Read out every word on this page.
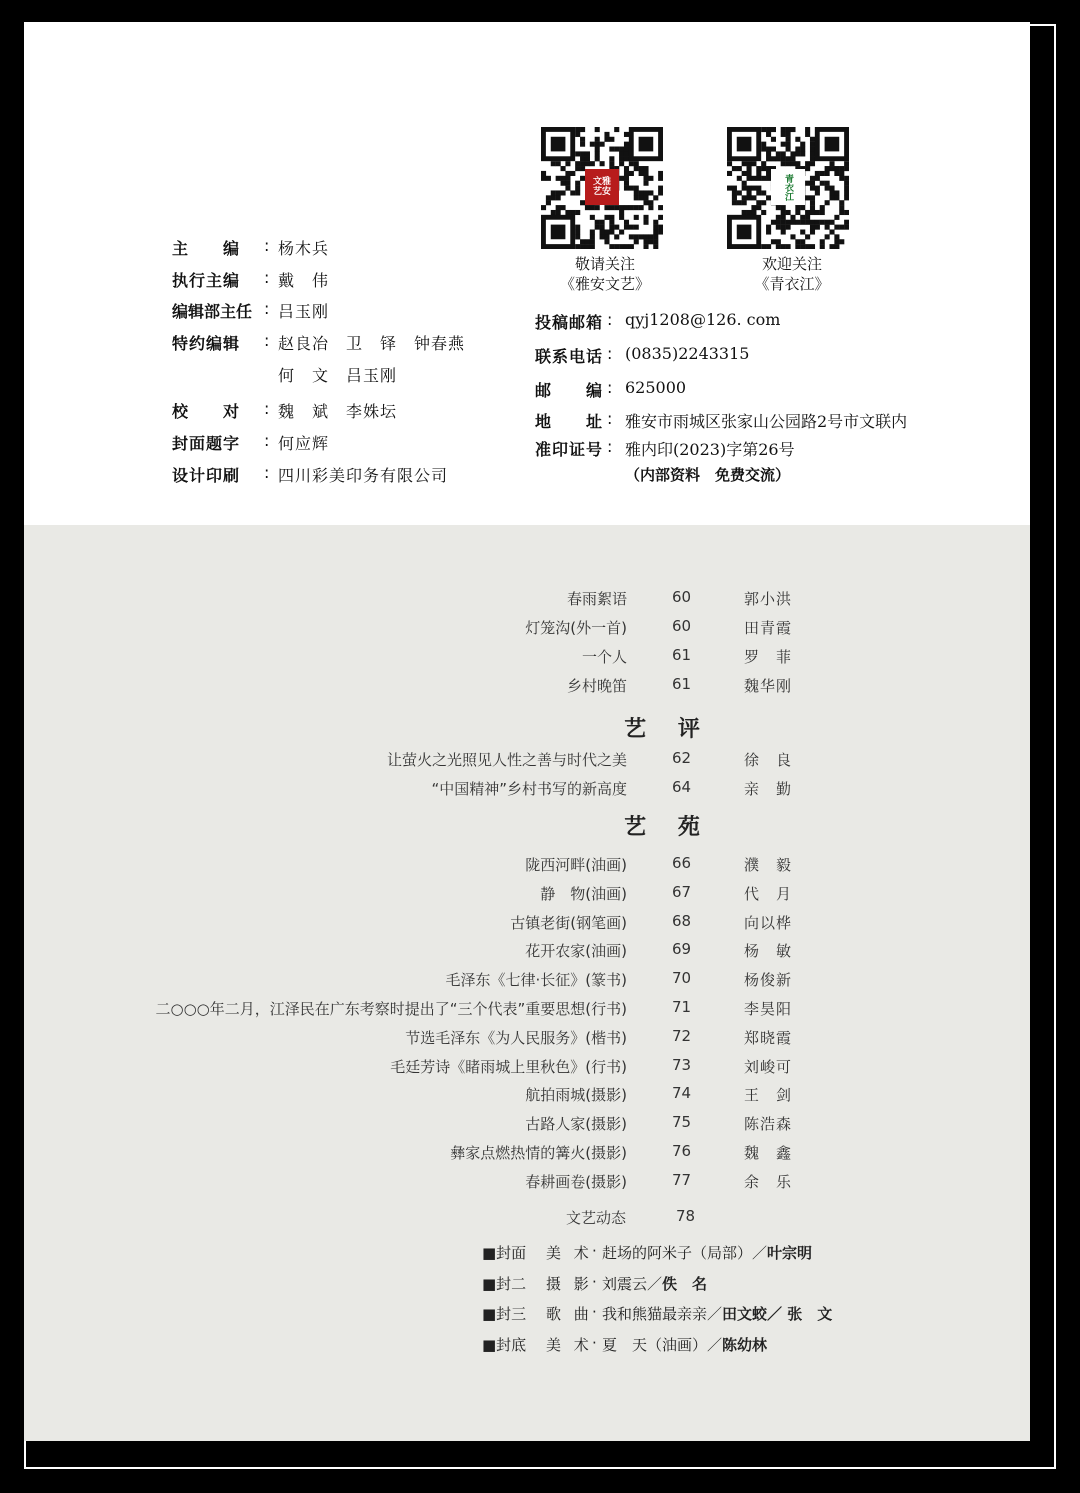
文雅
艺安
敬请关注
《雅安文艺》
青衣江
欢迎关注
《青衣江》
主　　编	: 杨木兵
执行主编	: 戴　伟
编辑部主任 : 吕玉刚
特约编辑	: 赵良冶　卫　铎　钟春燕
何　文　吕玉刚
校　　对	: 魏　斌　李姝坛
封面题字	: 何应辉
设计印刷	: 四川彩美印务有限公司
投稿邮箱 : qyj1208@126. com
联系电话 : (0835)2243315
邮　　编 : 625000
地　　址 : 雅安市雨城区张家山公园路2号市文联内
准印证号 : 雅内印(2023)字第26号
（内部资料　免费交流）
春雨絮语	60	郭小洪
灯笼沟(外一首)	60	田青霞
一个人	61	罗　菲
乡村晚笛	61	魏华刚
艺 评
让萤火之光照见人性之善与时代之美	62	徐　良
“中国精神”乡村书写的新高度	64	亲　勤
艺 苑
陇西河畔(油画)	66	濮　毅
静　物(油画)	67	代　月
古镇老街(钢笔画)	68	向以桦
花开农家(油画)	69	杨　敏
毛泽东《七律·长征》(篆书)	70	杨俊新
二○○○年二月，江泽民在广东考察时提出了“三个代表”重要思想(行书)	71	李昊阳
节选毛泽东《为人民服务》(楷书)	72	郑晓霞
毛廷芳诗《睹雨城上里秋色》(行书)	73	刘峻可
航拍雨城(摄影)	74	王　剑
古路人家(摄影)	75	陈浩森
彝家点燃热情的篝火(摄影)	76	魏　鑫
春耕画卷(摄影)	77	余　乐
文艺动态	78
■封面 美 术 · 赶场的阿米子（局部）／叶宗明
■封二 摄 影 · 刘震云／佚　名
■封三 歌 曲 · 我和熊猫最亲亲／田文蛟／ 张　文
■封底 美 术 · 夏　天（油画）／陈幼林
